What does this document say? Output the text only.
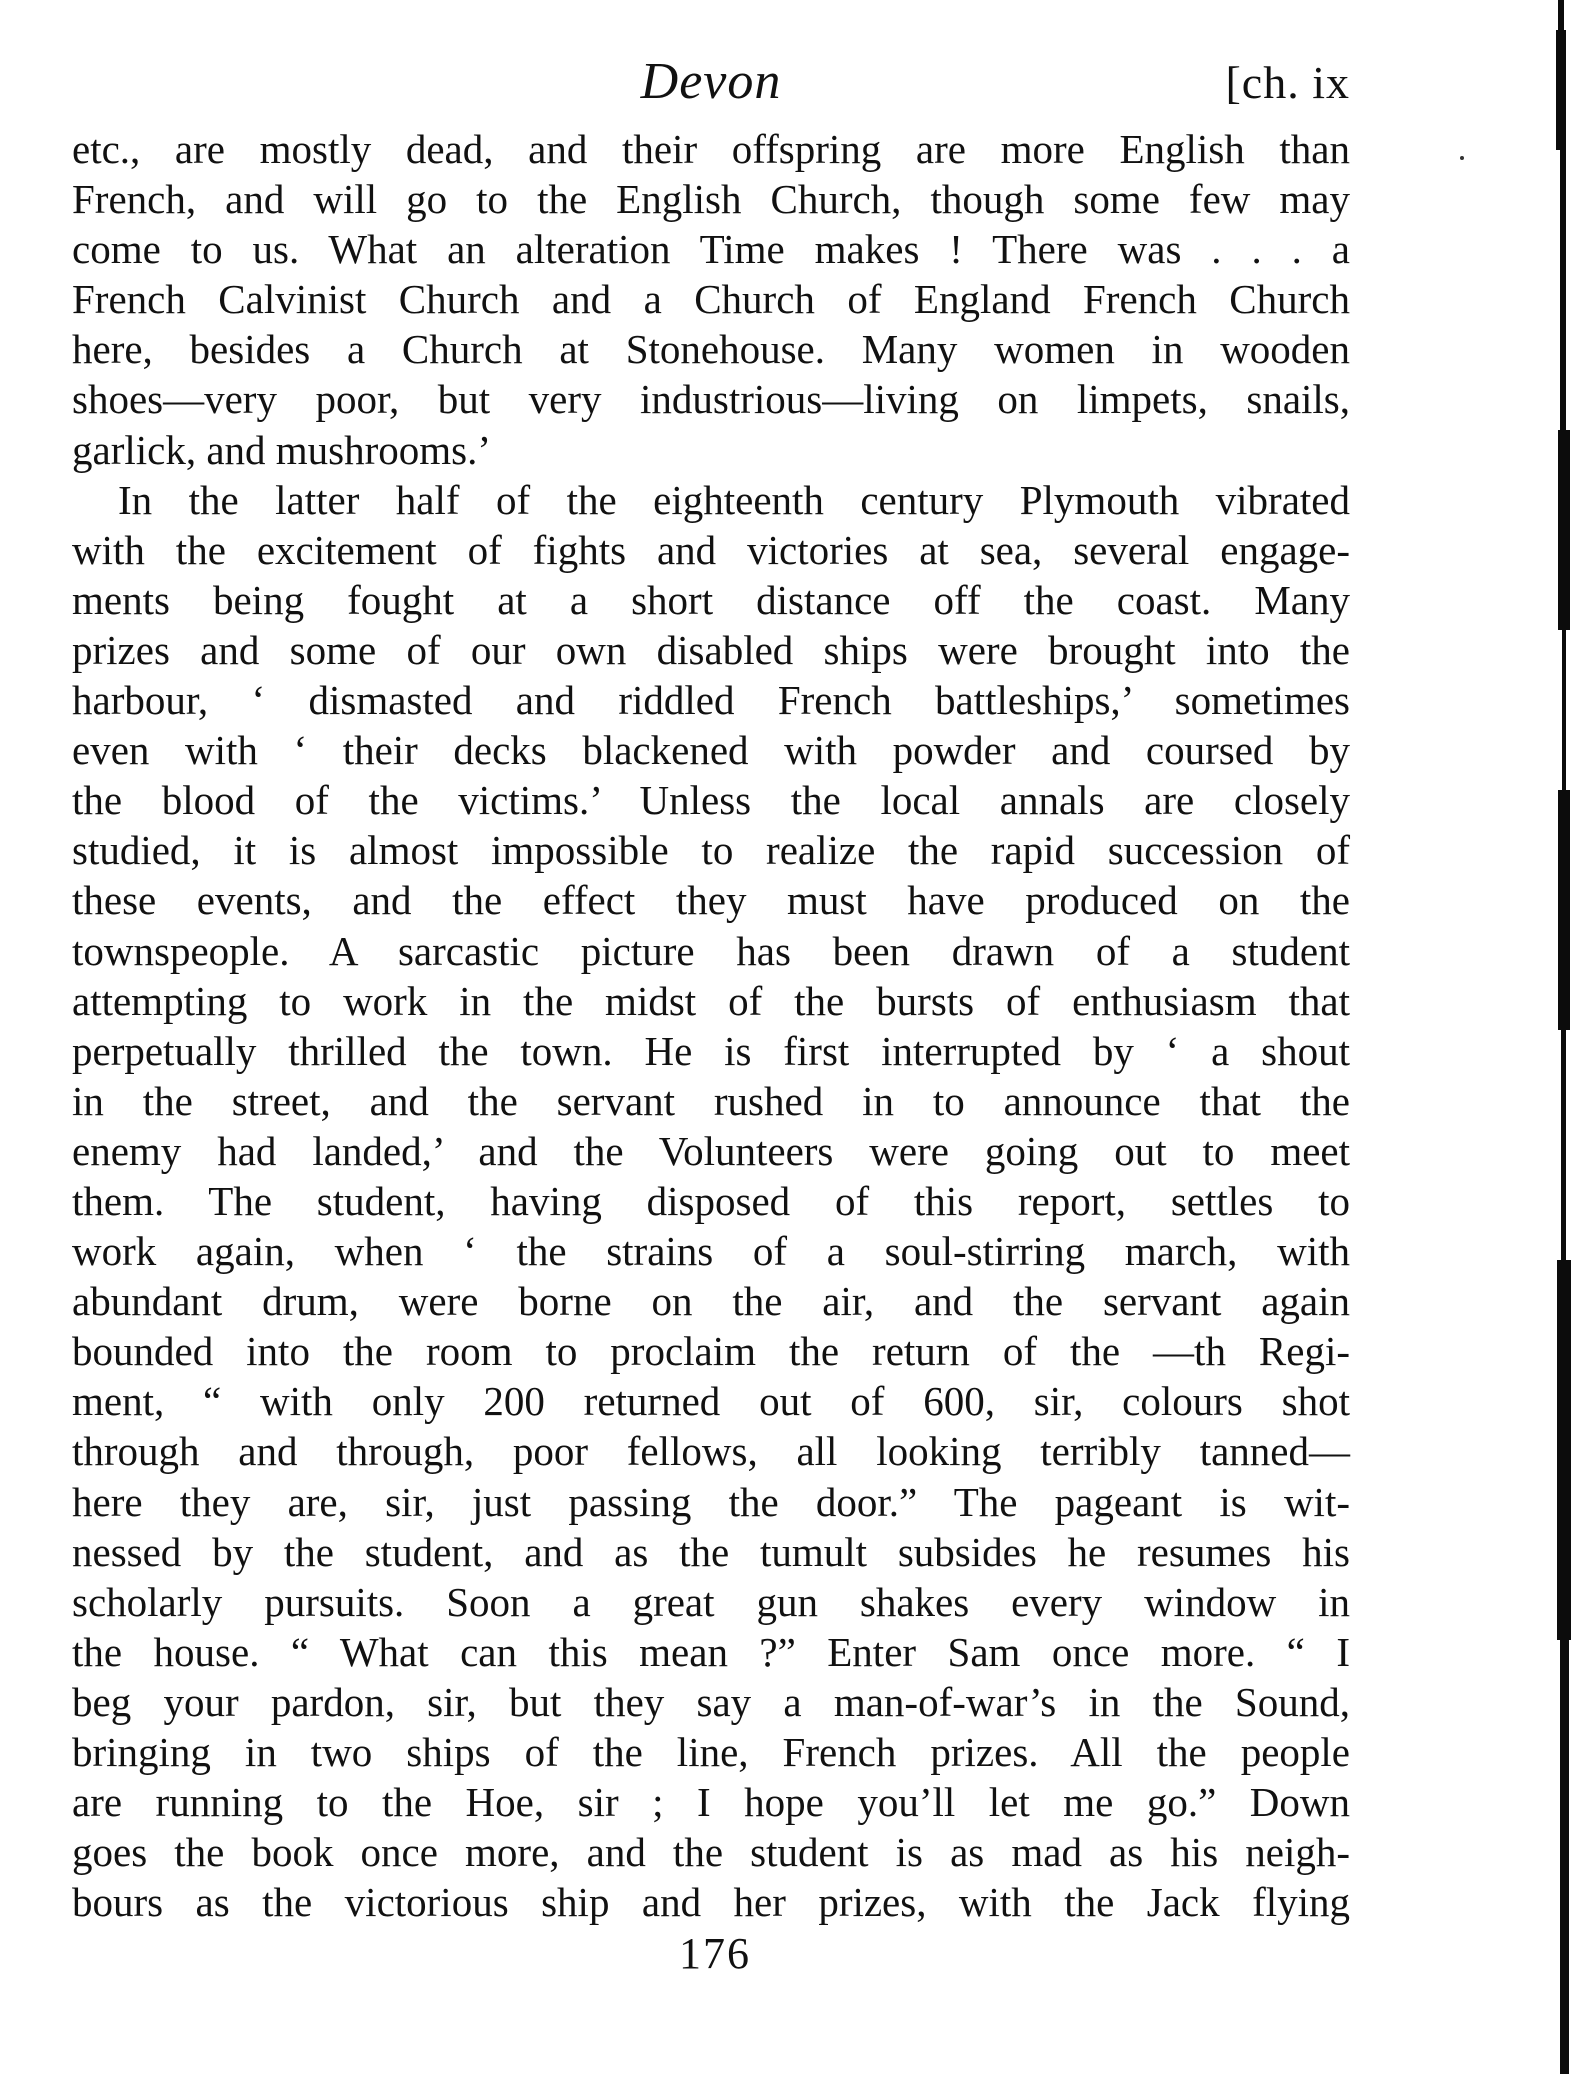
Devon	[ch. ix
etc., are mostly dead, and their offspring are more English than
French, and will go to the English Church, though some few may
come to us. What an alteration Time makes ! There was . . . a
French Calvinist Church and a Church of England French Church
here, besides a Church at Stonehouse. Many women in wooden
shoes—very poor, but very industrious—living on limpets, snails,
garlick, and mushrooms.’
In the latter half of the eighteenth century Plymouth vibrated
with the excitement of fights and victories at sea, several engage-
ments being fought at a short distance off the coast. Many
prizes and some of our own disabled ships were brought into the
harbour, ‘ dismasted and riddled French battleships,’ sometimes
even with ‘ their decks blackened with powder and coursed by
the blood of the victims.’ Unless the local annals are closely
studied, it is almost impossible to realize the rapid succession of
these events, and the effect they must have produced on the
townspeople. A sarcastic picture has been drawn of a student
attempting to work in the midst of the bursts of enthusiasm that
perpetually thrilled the town. He is first interrupted by ‘ a shout
in the street, and the servant rushed in to announce that the
enemy had landed,’ and the Volunteers were going out to meet
them. The student, having disposed of this report, settles to
work again, when ‘ the strains of a soul-stirring march, with
abundant drum, were borne on the air, and the servant again
bounded into the room to proclaim the return of the —th Regi-
ment, “ with only 200 returned out of 600, sir, colours shot
through and through, poor fellows, all looking terribly tanned—
here they are, sir, just passing the door.” The pageant is wit-
nessed by the student, and as the tumult subsides he resumes his
scholarly pursuits. Soon a great gun shakes every window in
the house. “ What can this mean ?” Enter Sam once more. “ I
beg your pardon, sir, but they say a man-of-war’s in the Sound,
bringing in two ships of the line, French prizes. All the people
are running to the Hoe, sir ; I hope you’ll let me go.” Down
goes the book once more, and the student is as mad as his neigh-
bours as the victorious ship and her prizes, with the Jack flying
176
